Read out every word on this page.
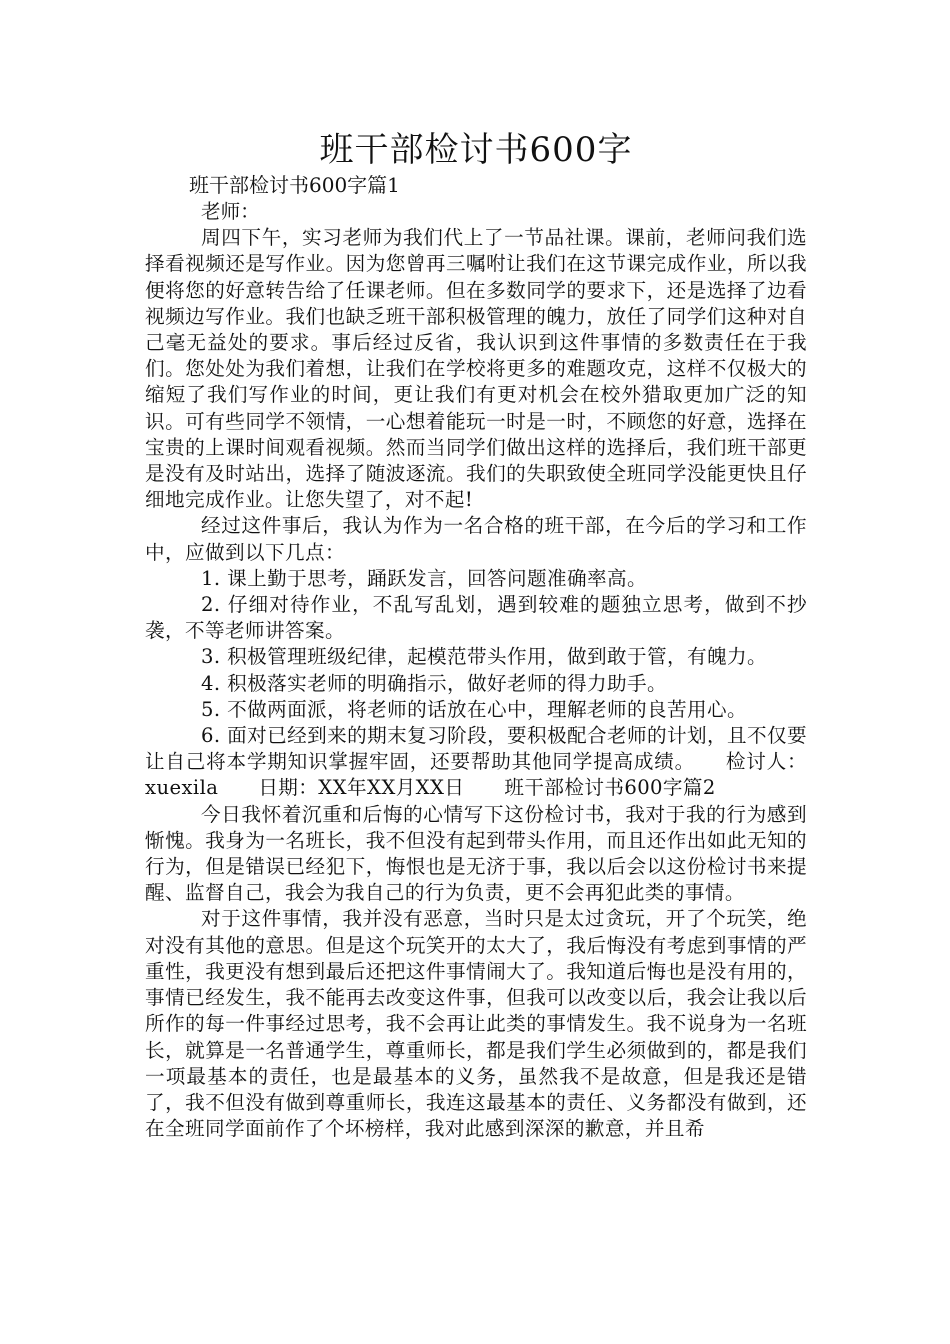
班干部检讨书600字

班干部检讨书600字篇1

老师：

周四下午，实习老师为我们代上了一节品社课。课前，老师问我们选择看视频还是写作业。因为您曾再三嘱咐让我们在这节课完成作业，所以我便将您的好意转告给了任课老师。但在多数同学的要求下，还是选择了边看视频边写作业。我们也缺乏班干部积极管理的魄力，放任了同学们这种对自己毫无益处的要求。事后经过反省，我认识到这件事情的多数责任在于我们。您处处为我们着想，让我们在学校将更多的难题攻克，这样不仅极大的缩短了我们写作业的时间，更让我们有更对机会在校外猎取更加广泛的知识。可有些同学不领情，一心想着能玩一时是一时，不顾您的好意，选择在宝贵的上课时间观看视频。然而当同学们做出这样的选择后，我们班干部更是没有及时站出，选择了随波逐流。我们的失职致使全班同学没能更快且仔细地完成作业。让您失望了，对不起!

经过这件事后，我认为作为一名合格的班干部，在今后的学习和工作中，应做到以下几点：

1. 课上勤于思考，踊跃发言，回答问题准确率高。

2. 仔细对待作业，不乱写乱划，遇到较难的题独立思考，做到不抄袭，不等老师讲答案。

3. 积极管理班级纪律，起模范带头作用，做到敢于管，有魄力。

4. 积极落实老师的明确指示，做好老师的得力助手。

5. 不做两面派，将老师的话放在心中，理解老师的良苦用心。

6. 面对已经到来的期末复习阶段，要积极配合老师的计划，且不仅要让自己将本学期知识掌握牢固，还要帮助其他同学提高成绩。　　检讨人：xuexila　　日期：XX年XX月XX日　　班干部检讨书600字篇2

今日我怀着沉重和后悔的心情写下这份检讨书，我对于我的行为感到惭愧。我身为一名班长，我不但没有起到带头作用，而且还作出如此无知的行为，但是错误已经犯下，悔恨也是无济于事，我以后会以这份检讨书来提醒、监督自己，我会为我自己的行为负责，更不会再犯此类的事情。

对于这件事情，我并没有恶意，当时只是太过贪玩，开了个玩笑，绝对没有其他的意思。但是这个玩笑开的太大了，我后悔没有考虑到事情的严重性，我更没有想到最后还把这件事情闹大了。我知道后悔也是没有用的，事情已经发生，我不能再去改变这件事，但我可以改变以后，我会让我以后所作的每一件事经过思考，我不会再让此类的事情发生。我不说身为一名班长，就算是一名普通学生，尊重师长，都是我们学生必须做到的，都是我们一项最基本的责任，也是最基本的义务，虽然我不是故意，但是我还是错了，我不但没有做到尊重师长，我连这最基本的责任、义务都没有做到，还在全班同学面前作了个坏榜样，我对此感到深深的歉意，并且希
